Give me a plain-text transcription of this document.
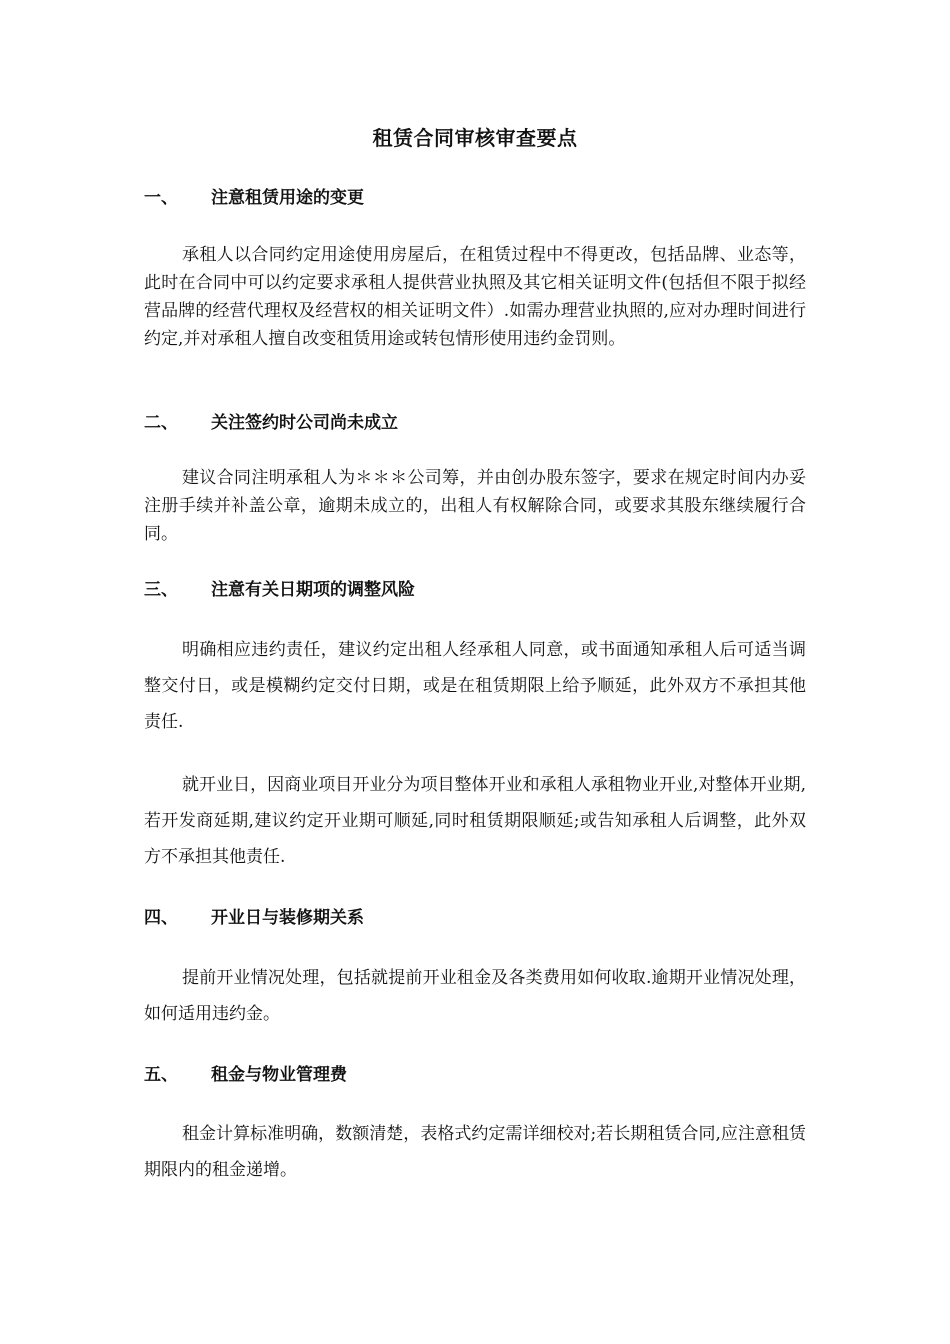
租赁合同审核审查要点
一、 注意租赁用途的变更

承租人以合同约定用途使用房屋后，在租赁过程中不得更改，包括品牌、业态等，此时在合同中可以约定要求承租人提供营业执照及其它相关证明文件(包括但不限于拟经营品牌的经营代理权及经营权的相关证明文件）.如需办理营业执照的,应对办理时间进行约定,并对承租人擅自改变租赁用途或转包情形使用违约金罚则。

二、 关注签约时公司尚未成立

建议合同注明承租人为＊＊＊公司筹，并由创办股东签字，要求在规定时间内办妥注册手续并补盖公章，逾期未成立的，出租人有权解除合同，或要求其股东继续履行合同。

三、 注意有关日期项的调整风险

明确相应违约责任，建议约定出租人经承租人同意，或书面通知承租人后可适当调整交付日，或是模糊约定交付日期，或是在租赁期限上给予顺延，此外双方不承担其他责任.

就开业日，因商业项目开业分为项目整体开业和承租人承租物业开业,对整体开业期,若开发商延期,建议约定开业期可顺延,同时租赁期限顺延;或告知承租人后调整，此外双方不承担其他责任.

四、 开业日与装修期关系

提前开业情况处理，包括就提前开业租金及各类费用如何收取.逾期开业情况处理，如何适用违约金。

五、 租金与物业管理费

租金计算标准明确，数额清楚，表格式约定需详细校对;若长期租赁合同,应注意租赁期限内的租金递增。
